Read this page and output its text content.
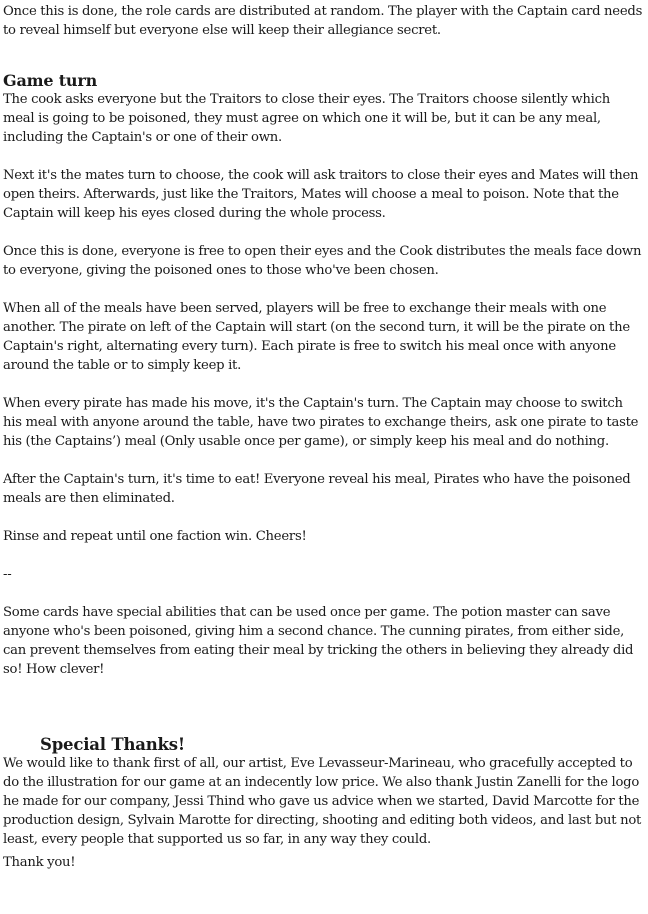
Once this is done, the role cards are distributed at random. The player with the Captain card needs to reveal himself but everyone else will keep their allegiance secret.

Game turn

The cook asks everyone but the Traitors to close their eyes. The Traitors choose silently which meal is going to be poisoned, they must agree on which one it will be, but it can be any meal, including the Captain's or one of their own.

Next it's the mates turn to choose, the cook will ask traitors to close their eyes and Mates will then open theirs. Afterwards, just like the Traitors, Mates will choose a meal to poison. Note that the Captain will keep his eyes closed during the whole process.

Once this is done, everyone is free to open their eyes and the Cook distributes the meals face down to everyone, giving the poisoned ones to those who've been chosen.

When all of the meals have been served, players will be free to exchange their meals with one another. The pirate on left of the Captain will start (on the second turn, it will be the pirate on the Captain's right, alternating every turn). Each pirate is free to switch his meal once with anyone around the table or to simply keep it.

When every pirate has made his move, it's the Captain's turn. The Captain may choose to switch his meal with anyone around the table, have two pirates to exchange theirs, ask one pirate to taste his (the Captains’) meal (Only usable once per game), or simply keep his meal and do nothing.

After the Captain's turn, it's time to eat! Everyone reveal his meal, Pirates who have the poisoned meals are then eliminated.

Rinse and repeat until one faction win. Cheers!

--

Some cards have special abilities that can be used once per game. The potion master can save anyone who's been poisoned, giving him a second chance. The cunning pirates, from either side, can prevent themselves from eating their meal by tricking the others in believing they already did so! How clever!

Special Thanks!

We would like to thank first of all, our artist, Eve Levasseur-Marineau, who gracefully accepted to do the illustration for our game at an indecently low price. We also thank Justin Zanelli for the logo he made for our company, Jessi Thind who gave us advice when we started, David Marcotte for the production design, Sylvain Marotte for directing, shooting and editing both videos, and last but not least, every people that supported us so far, in any way they could.

Thank you!
